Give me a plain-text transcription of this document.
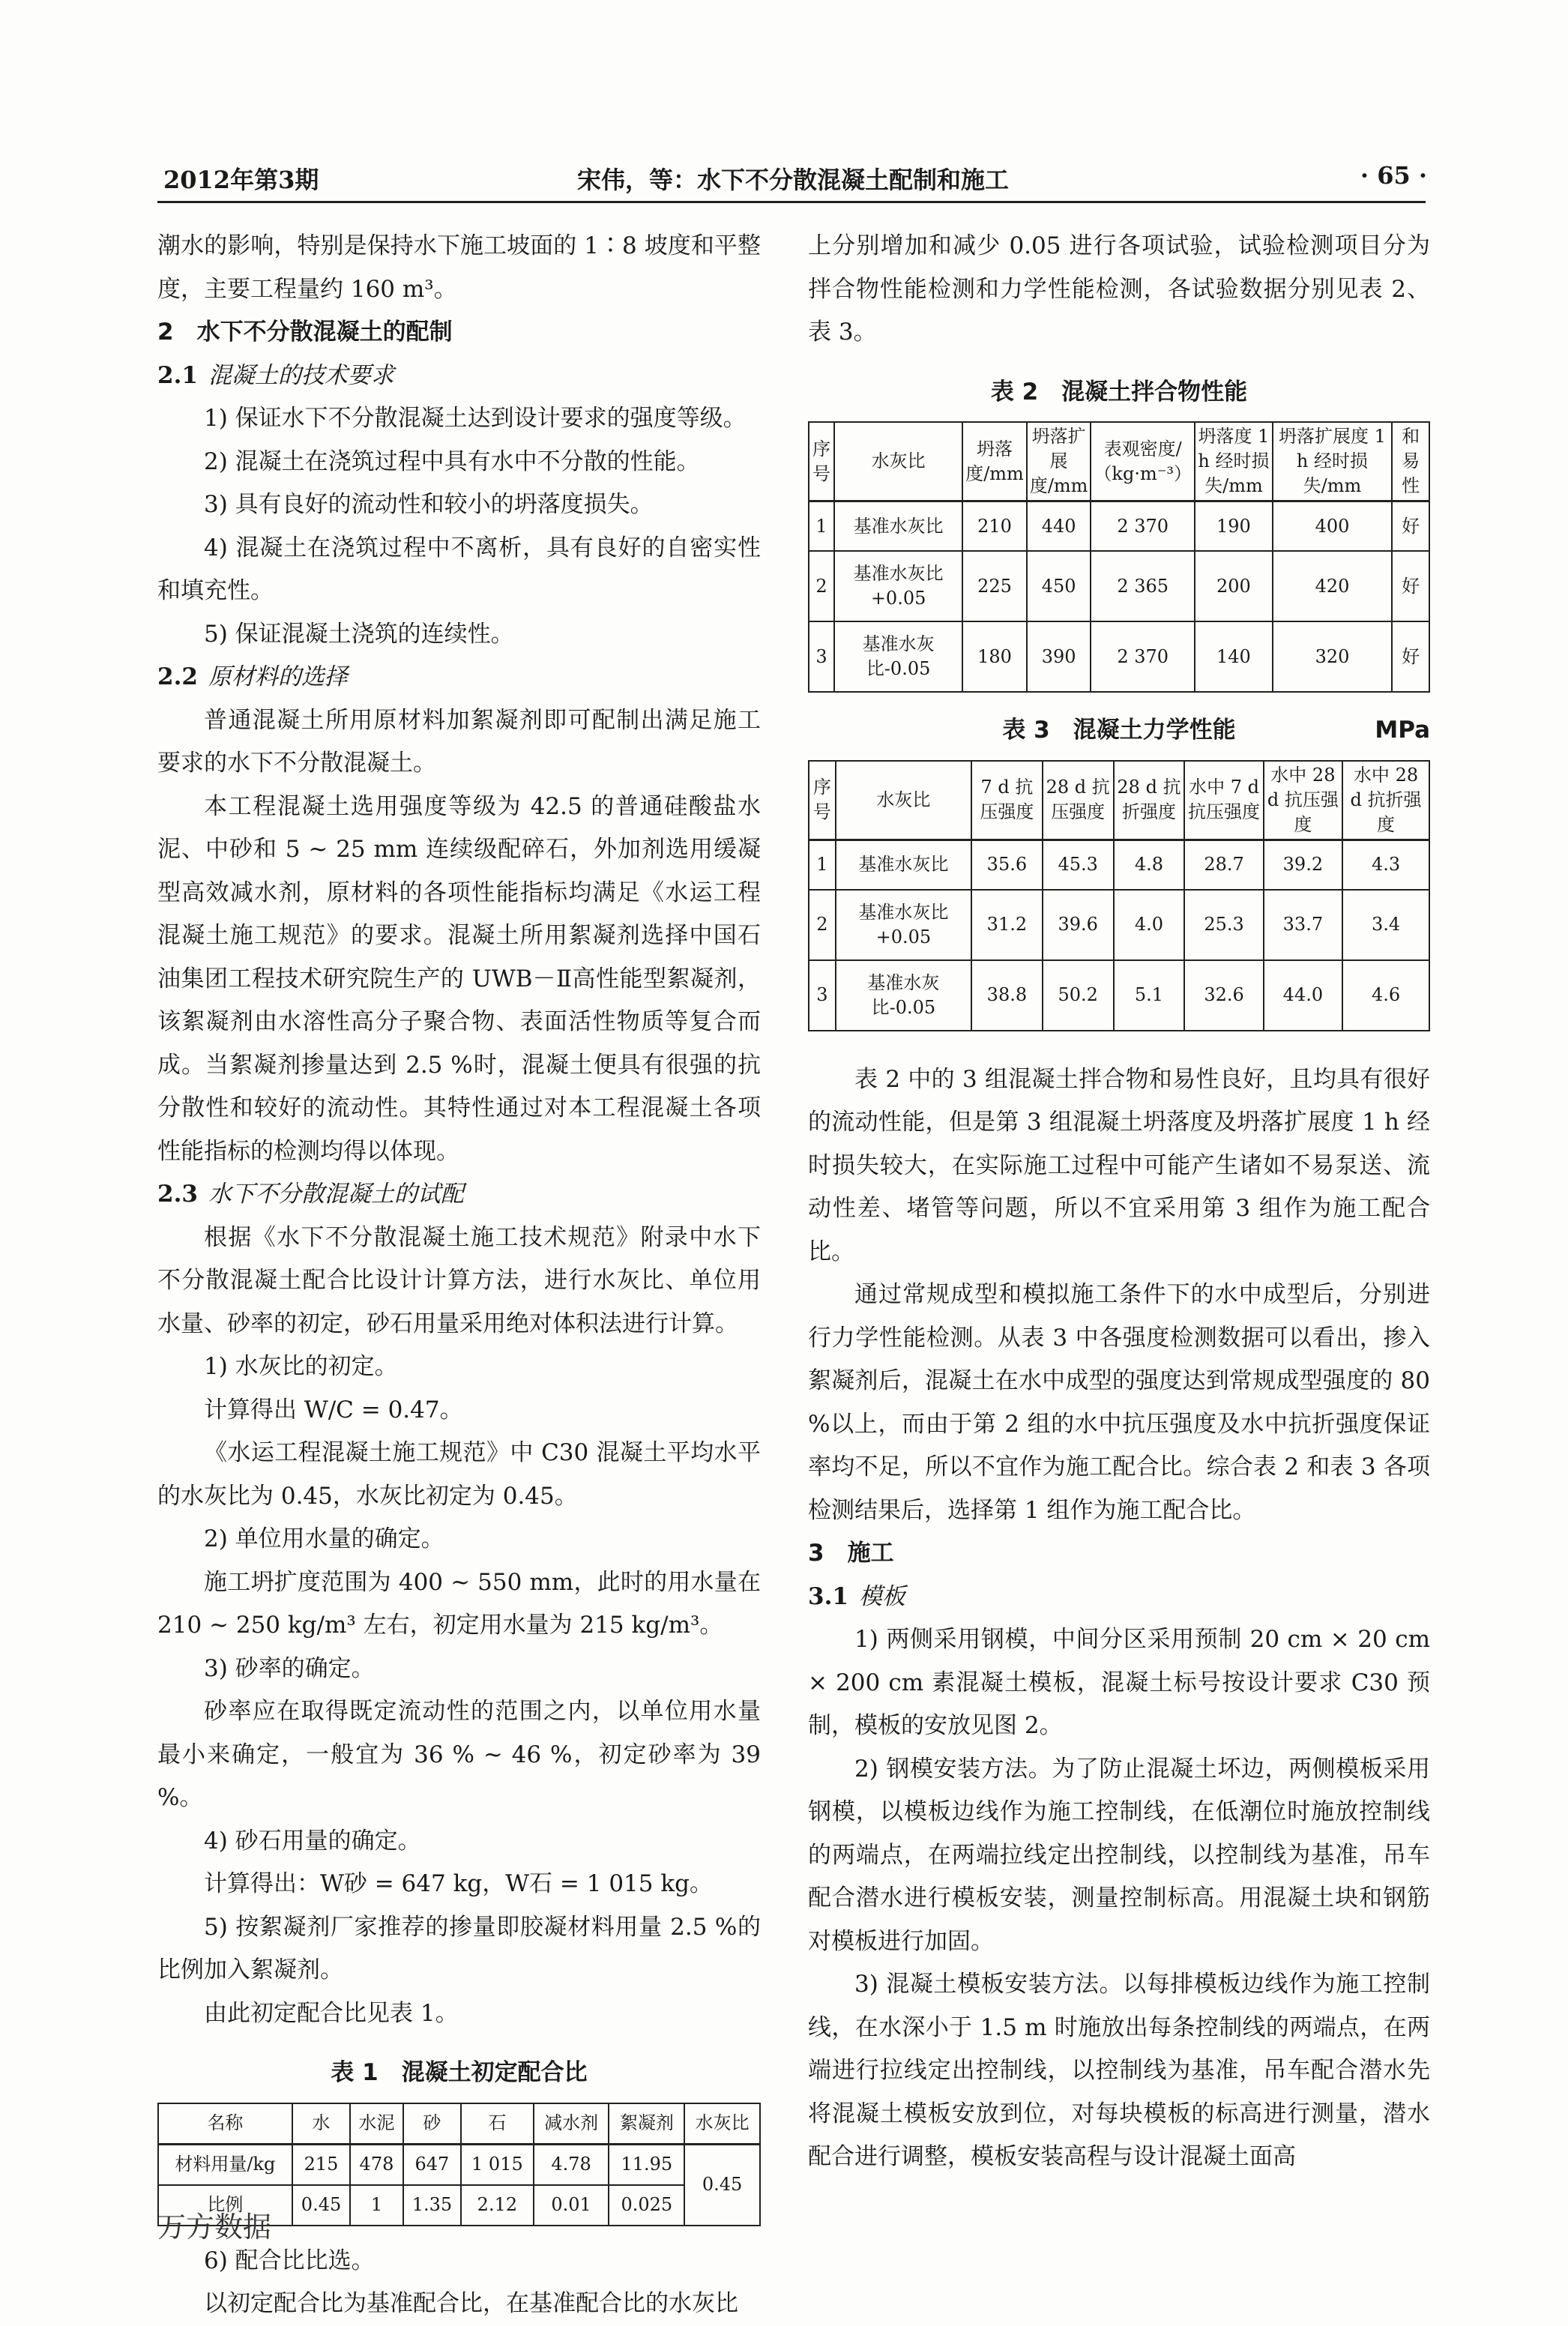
2012年第3期	宋伟，等：水下不分散混凝土配制和施工	· 65 ·

潮水的影响，特别是保持水下施工坡面的 1∶8 坡度和平整度，主要工程量约 160 m³。

2　水下不分散混凝土的配制

2.1 混凝土的技术要求

1) 保证水下不分散混凝土达到设计要求的强度等级。

2) 混凝土在浇筑过程中具有水中不分散的性能。

3) 具有良好的流动性和较小的坍落度损失。

4) 混凝土在浇筑过程中不离析，具有良好的自密实性和填充性。

5) 保证混凝土浇筑的连续性。

2.2 原材料的选择

普通混凝土所用原材料加絮凝剂即可配制出满足施工要求的水下不分散混凝土。

本工程混凝土选用强度等级为 42.5 的普通硅酸盐水泥、中砂和 5 ~ 25 mm 连续级配碎石，外加剂选用缓凝型高效减水剂，原材料的各项性能指标均满足《水运工程混凝土施工规范》的要求。混凝土所用絮凝剂选择中国石油集团工程技术研究院生产的 UWB－Ⅱ高性能型絮凝剂，该絮凝剂由水溶性高分子聚合物、表面活性物质等复合而成。当絮凝剂掺量达到 2.5 %时，混凝土便具有很强的抗分散性和较好的流动性。其特性通过对本工程混凝土各项性能指标的检测均得以体现。

2.3 水下不分散混凝土的试配

根据《水下不分散混凝土施工技术规范》附录中水下不分散混凝土配合比设计计算方法，进行水灰比、单位用水量、砂率的初定，砂石用量采用绝对体积法进行计算。

1) 水灰比的初定。

计算得出 W/C = 0.47。

《水运工程混凝土施工规范》中 C30 混凝土平均水平的水灰比为 0.45，水灰比初定为 0.45。

2) 单位用水量的确定。

施工坍扩度范围为 400 ~ 550 mm，此时的用水量在 210 ~ 250 kg/m³ 左右，初定用水量为 215 kg/m³。

3) 砂率的确定。

砂率应在取得既定流动性的范围之内，以单位用水量最小来确定，一般宜为 36 % ~ 46 %，初定砂率为 39 %。

4) 砂石用量的确定。

计算得出：W砂 = 647 kg，W石 = 1 015 kg。

5) 按絮凝剂厂家推荐的掺量即胶凝材料用量 2.5 %的比例加入絮凝剂。

由此初定配合比见表 1。

表 1　混凝土初定配合比

名称	水	水泥	砂	石	减水剂	絮凝剂	水灰比
材料用量/kg	215	478	647	1 015	4.78	11.95	0.45
比例	0.45	1	1.35	2.12	0.01	0.025	

6) 配合比比选。

以初定配合比为基准配合比，在基准配合比的水灰比

上分别增加和减少 0.05 进行各项试验，试验检测项目分为拌合物性能检测和力学性能检测，各试验数据分别见表 2、表 3。

表 2　混凝土拌合物性能

序号	水灰比	坍落度/mm	坍落扩展度/mm	表观密度/（kg·m⁻³）	坍落度 1 h 经时损失/mm	坍落扩展度 1 h 经时损失/mm	和易性
1	基准水灰比	210	440	2 370	190	400	好
2	基准水灰比+0.05	225	450	2 365	200	420	好
3	基准水灰比-0.05	180	390	2 370	140	320	好

表 3　混凝土力学性能	MPa

序号	水灰比	7 d 抗压强度	28 d 抗压强度	28 d 抗折强度	水中 7 d 抗压强度	水中 28 d 抗压强度	水中 28 d 抗折强度
1	基准水灰比	35.6	45.3	4.8	28.7	39.2	4.3
2	基准水灰比+0.05	31.2	39.6	4.0	25.3	33.7	3.4
3	基准水灰比-0.05	38.8	50.2	5.1	32.6	44.0	4.6

表 2 中的 3 组混凝土拌合物和易性良好，且均具有很好的流动性能，但是第 3 组混凝土坍落度及坍落扩展度 1 h 经时损失较大，在实际施工过程中可能产生诸如不易泵送、流动性差、堵管等问题，所以不宜采用第 3 组作为施工配合比。

通过常规成型和模拟施工条件下的水中成型后，分别进行力学性能检测。从表 3 中各强度检测数据可以看出，掺入絮凝剂后，混凝土在水中成型的强度达到常规成型强度的 80 %以上，而由于第 2 组的水中抗压强度及水中抗折强度保证率均不足，所以不宜作为施工配合比。综合表 2 和表 3 各项检测结果后，选择第 1 组作为施工配合比。

3　施工

3.1 模板

1) 两侧采用钢模，中间分区采用预制 20 cm × 20 cm × 200 cm 素混凝土模板，混凝土标号按设计要求 C30 预制，模板的安放见图 2。

2) 钢模安装方法。为了防止混凝土坏边，两侧模板采用钢模，以模板边线作为施工控制线，在低潮位时施放控制线的两端点，在两端拉线定出控制线，以控制线为基准，吊车配合潜水进行模板安装，测量控制标高。用混凝土块和钢筋对模板进行加固。

3) 混凝土模板安装方法。以每排模板边线作为施工控制线，在水深小于 1.5 m 时施放出每条控制线的两端点，在两端进行拉线定出控制线，以控制线为基准，吊车配合潜水先将混凝土模板安放到位，对每块模板的标高进行测量，潜水配合进行调整，模板安装高程与设计混凝土面高

万方数据
